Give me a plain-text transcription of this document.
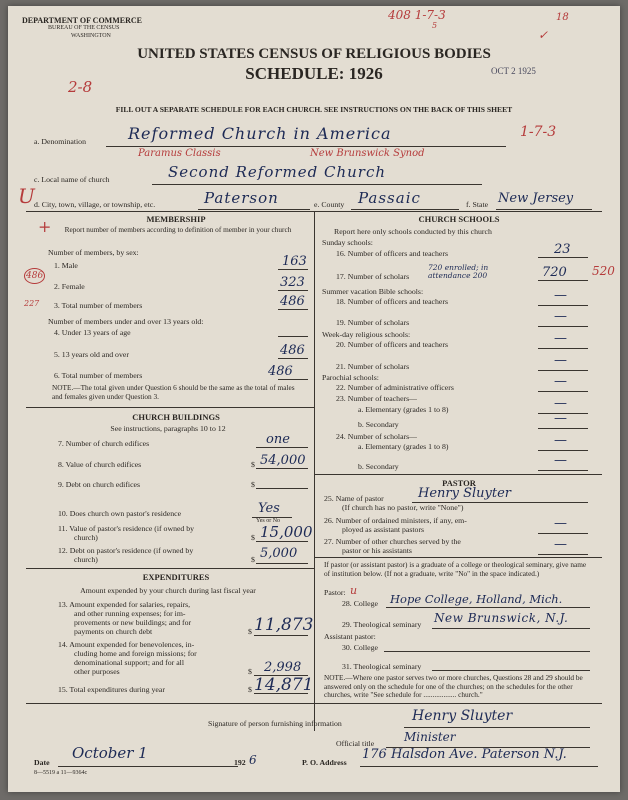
DEPARTMENT OF COMMERCE
BUREAU OF THE CENSUS
WASHINGTON
408 1-7-3
5
18
✓
UNITED STATES CENSUS OF RELIGIOUS BODIES
SCHEDULE: 1926	OCT 2 1925
2-8
FILL OUT A SEPARATE SCHEDULE FOR EACH CHURCH. SEE INSTRUCTIONS ON THE BACK OF THIS SHEET
a. Denomination	Reformed Church in America	1-7-3
Paramus Classis	New Brunswick Synod
c. Local name of church	Second Reformed Church
U d. City, town, village, or township, etc.	Paterson	e. County Passaic	f. State New Jersey
+
486
227
MEMBERSHIP
Report number of members according to definition of member in your church
Number of members, by sex:
1. Male	163
2. Female	323
3. Total number of members	486
Number of members under and over 13 years old:
4. Under 13 years of age
5. 13 years old and over	486
6. Total number of members	486
NOTE.—The total given under Question 6 should be the same as the total of males and females given under Question 3.
CHURCH BUILDINGS
See instructions, paragraphs 10 to 12
7. Number of church edifices	one
8. Value of church edifices	$ 54,000
9. Debt on church edifices	$
10. Does church own pastor's residence	Yes
Yes or No
11. Value of pastor's residence (if owned by
church)	$ 15,000
12. Debt on pastor's residence (if owned by
church)	$ 5,000
EXPENDITURES
Amount expended by your church during last fiscal year
13. Amount expended for salaries, repairs,
and other running expenses; for im-
provements or new buildings; and for
payments on church debt	$ 11,873
14. Amount expended for benevolences, in-
cluding home and foreign missions; for
denominational support; and for all
other purposes	$ 2,998
15. Total expenditures during year	$ 14,871
CHURCH SCHOOLS
Report here only schools conducted by this church
Sunday schools:
16. Number of officers and teachers	23
17. Number of scholars
720 enrolled; in attendance 200	720 520
Summer vacation Bible schools:
18. Number of officers and teachers	—
19. Number of scholars	—
Week-day religious schools:
20. Number of officers and teachers	—
21. Number of scholars	—
Parochial schools:
22. Number of administrative officers	—
23. Number of teachers—
a. Elementary (grades 1 to 8)	—
b. Secondary	—
24. Number of scholars—
a. Elementary (grades 1 to 8)	—
b. Secondary	—
PASTOR
25. Name of pastor	Henry Sluyter
(If church has no pastor, write "None")
26. Number of ordained ministers, if any, em-
ployed as assistant pastors	—
27. Number of other churches served by the
pastor or his assistants	—
If pastor (or assistant pastor) is a graduate of a college or theological seminary, give name of institution below. (If not a graduate, write "No" in the space indicated.)
Pastor: u
28. College Hope College, Holland, Mich.
29. Theological seminary New Brunswick, N.J.
Assistant pastor:
30. College
31. Theological seminary
NOTE.—Where one pastor serves two or more churches, Questions 28 and 29 should be answered only on the schedule for one of the churches; on the schedules for the other churches, write "See schedule for .................. church."
Signature of person furnishing information	Henry Sluyter
Official title Minister
Date
October 1
192 6	P. O. Address
176 Halsdon Ave. Paterson N.J.
8—5519 a 11—9364c
